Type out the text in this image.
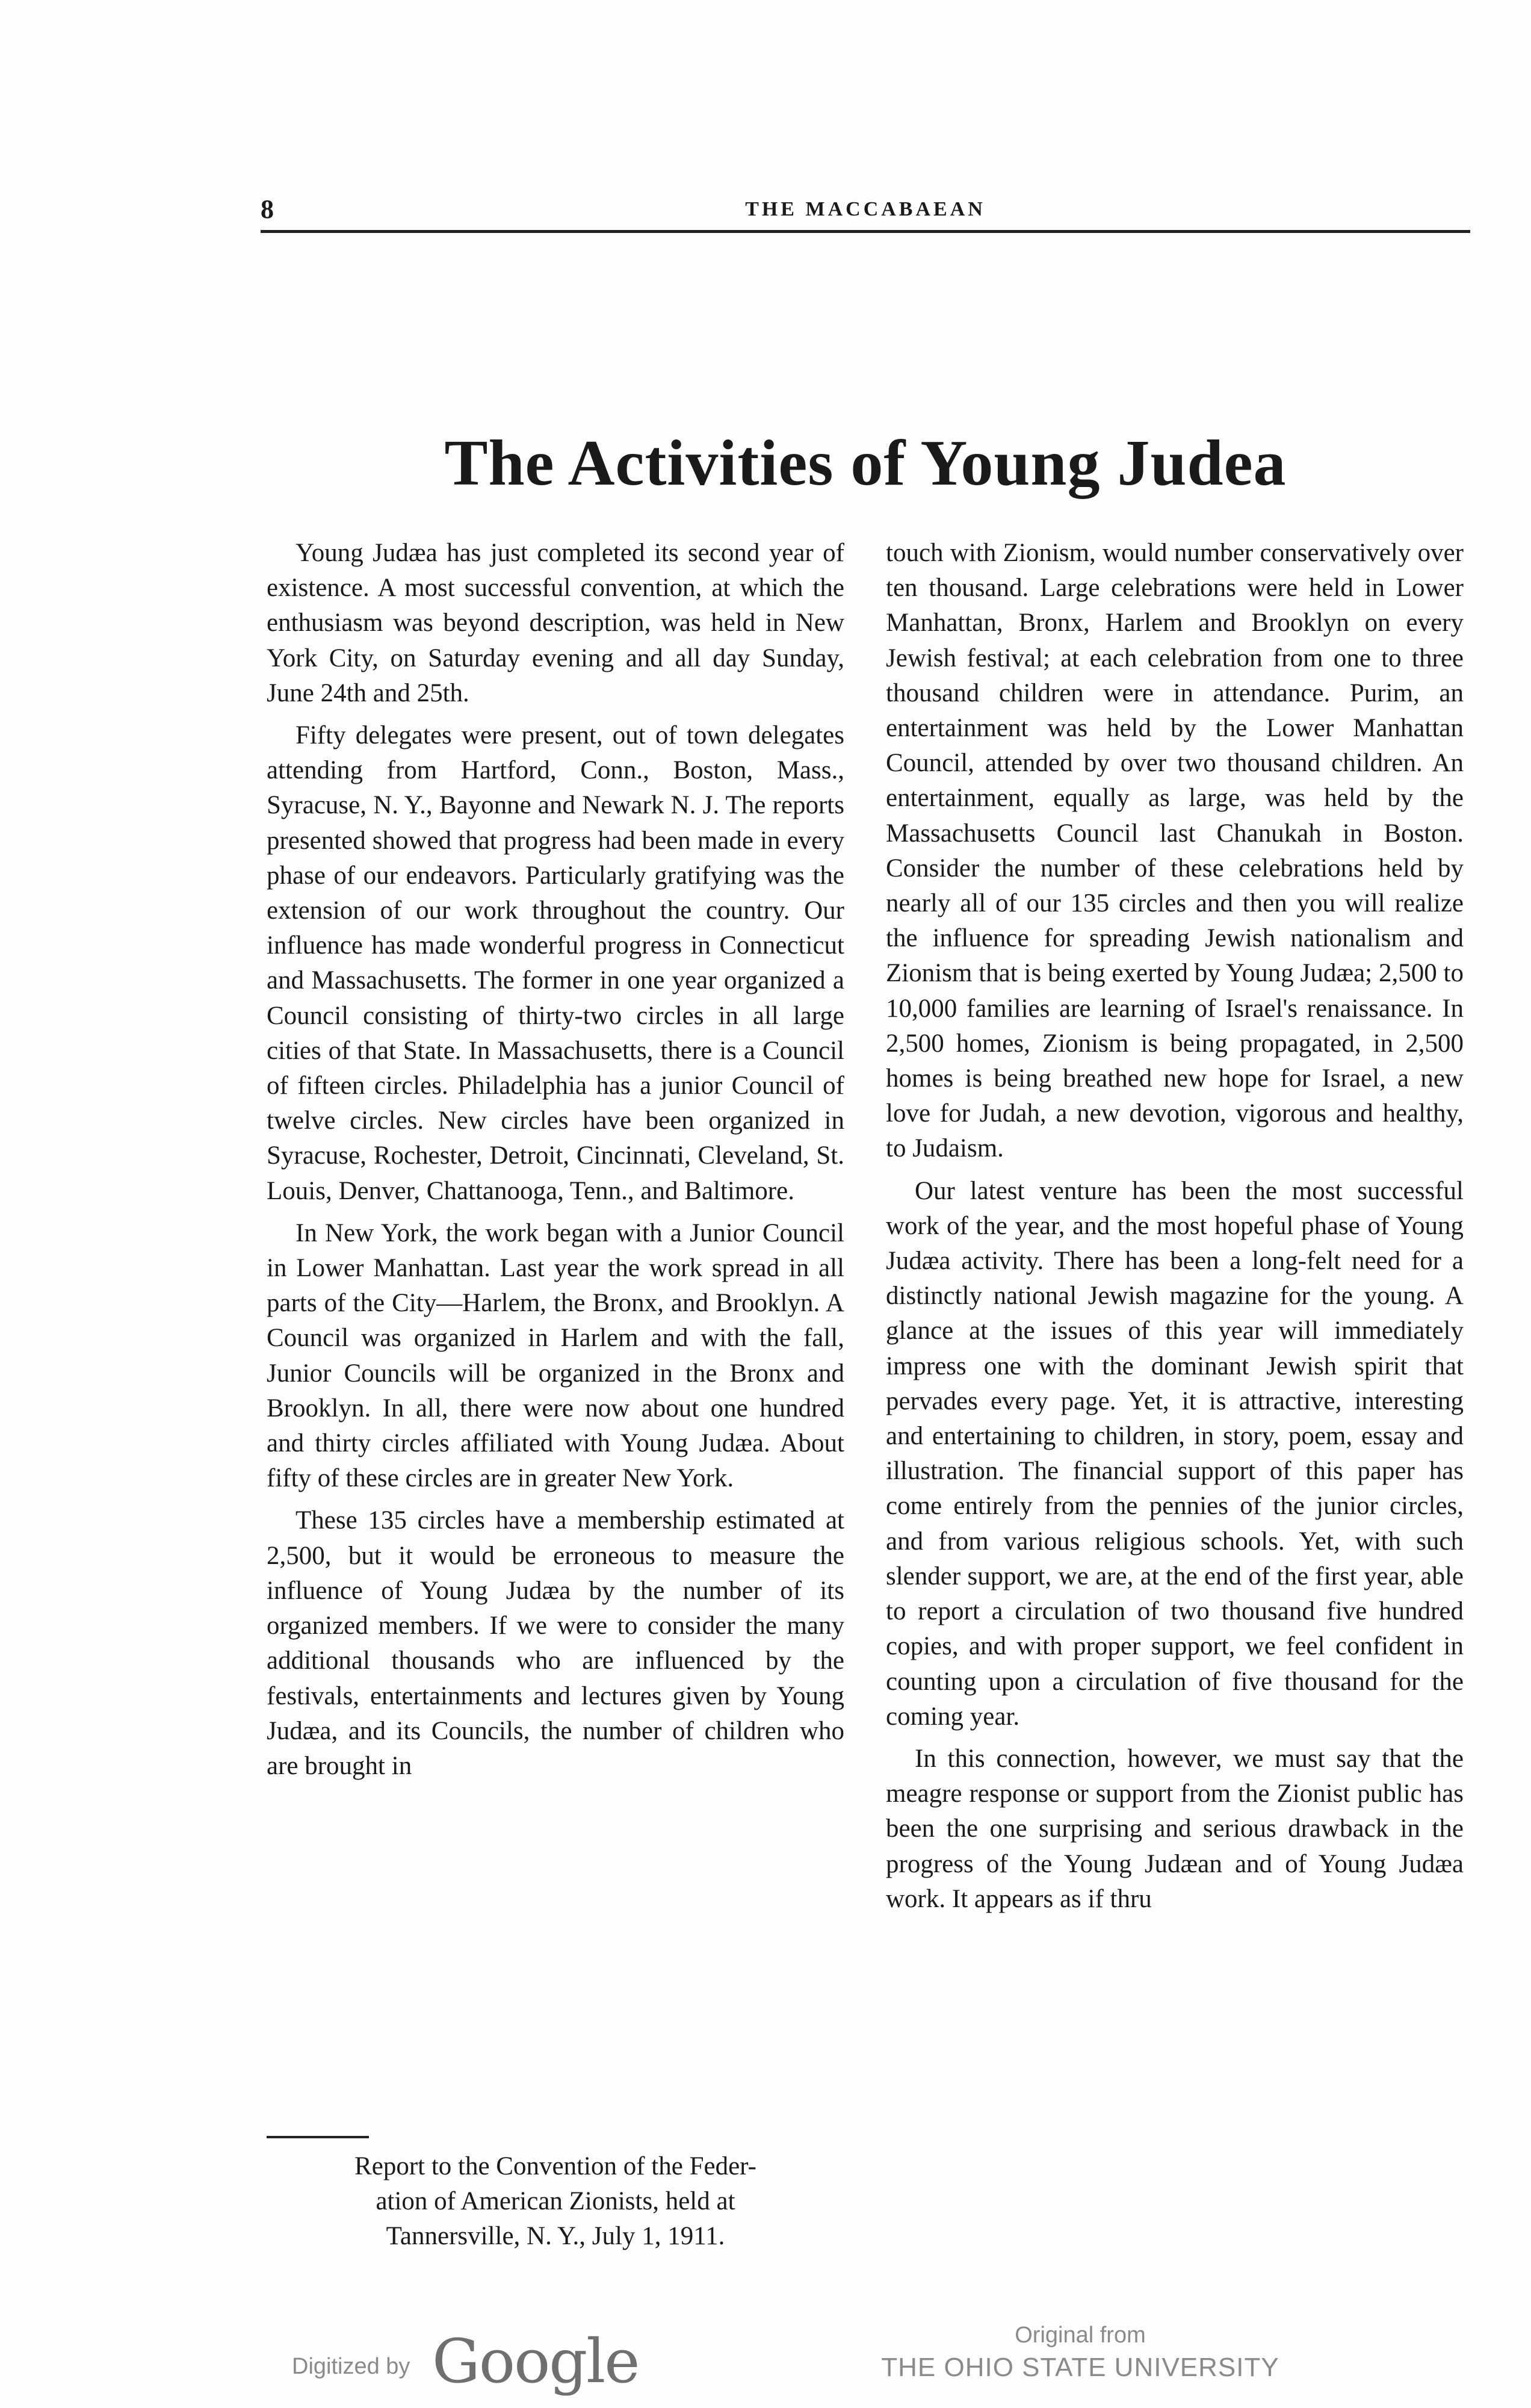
8	THE MACCABAEAN
The Activities of Young Judea

Young Judæa has just completed its second year of existence. A most successful convention, at which the enthusiasm was beyond description, was held in New York City, on Saturday evening and all day Sunday, June 24th and 25th.

Fifty delegates were present, out of town delegates attending from Hartford, Conn., Boston, Mass., Syracuse, N. Y., Bayonne and Newark N. J. The reports presented showed that progress had been made in every phase of our endeavors. Particularly gratifying was the extension of our work throughout the country. Our influence has made wonderful progress in Connecticut and Massachusetts. The former in one year organized a Council consisting of thirty-two circles in all large cities of that State. In Massachusetts, there is a Council of fifteen circles. Philadelphia has a junior Council of twelve circles. New circles have been organized in Syracuse, Rochester, Detroit, Cincinnati, Cleveland, St. Louis, Denver, Chattanooga, Tenn., and Baltimore.

In New York, the work began with a Junior Council in Lower Manhattan. Last year the work spread in all parts of the City—Harlem, the Bronx, and Brooklyn. A Council was organized in Harlem and with the fall, Junior Councils will be organized in the Bronx and Brooklyn. In all, there were now about one hundred and thirty circles affiliated with Young Judæa. About fifty of these circles are in greater New York.

These 135 circles have a membership estimated at 2,500, but it would be erroneous to measure the influence of Young Judæa by the number of its organized members. If we were to consider the many additional thousands who are influenced by the festivals, entertainments and lectures given by Young Judæa, and its Councils, the number of children who are brought in

Report to the Convention of the Feder-
ation of American Zionists, held at
Tannersville, N. Y., July 1, 1911.

touch with Zionism, would number conservatively over ten thousand. Large celebrations were held in Lower Manhattan, Bronx, Harlem and Brooklyn on every Jewish festival; at each celebration from one to three thousand children were in attendance. Purim, an entertainment was held by the Lower Manhattan Council, attended by over two thousand children. An entertainment, equally as large, was held by the Massachusetts Council last Chanukah in Boston. Consider the number of these celebrations held by nearly all of our 135 circles and then you will realize the influence for spreading Jewish nationalism and Zionism that is being exerted by Young Judæa; 2,500 to 10,000 families are learning of Israel's renaissance. In 2,500 homes, Zionism is being propagated, in 2,500 homes is being breathed new hope for Israel, a new love for Judah, a new devotion, vigorous and healthy, to Judaism.

Our latest venture has been the most successful work of the year, and the most hopeful phase of Young Judæa activity. There has been a long-felt need for a distinctly national Jewish magazine for the young. A glance at the issues of this year will immediately impress one with the dominant Jewish spirit that pervades every page. Yet, it is attractive, interesting and entertaining to children, in story, poem, essay and illustration. The financial support of this paper has come entirely from the pennies of the junior circles, and from various religious schools. Yet, with such slender support, we are, at the end of the first year, able to report a circulation of two thousand five hundred copies, and with proper support, we feel confident in counting upon a circulation of five thousand for the coming year.

In this connection, however, we must say that the meagre response or support from the Zionist public has been the one surprising and serious drawback in the progress of the Young Judæan and of Young Judæa work. It appears as if thru

Digitized by Google	Original from
THE OHIO STATE UNIVERSITY
